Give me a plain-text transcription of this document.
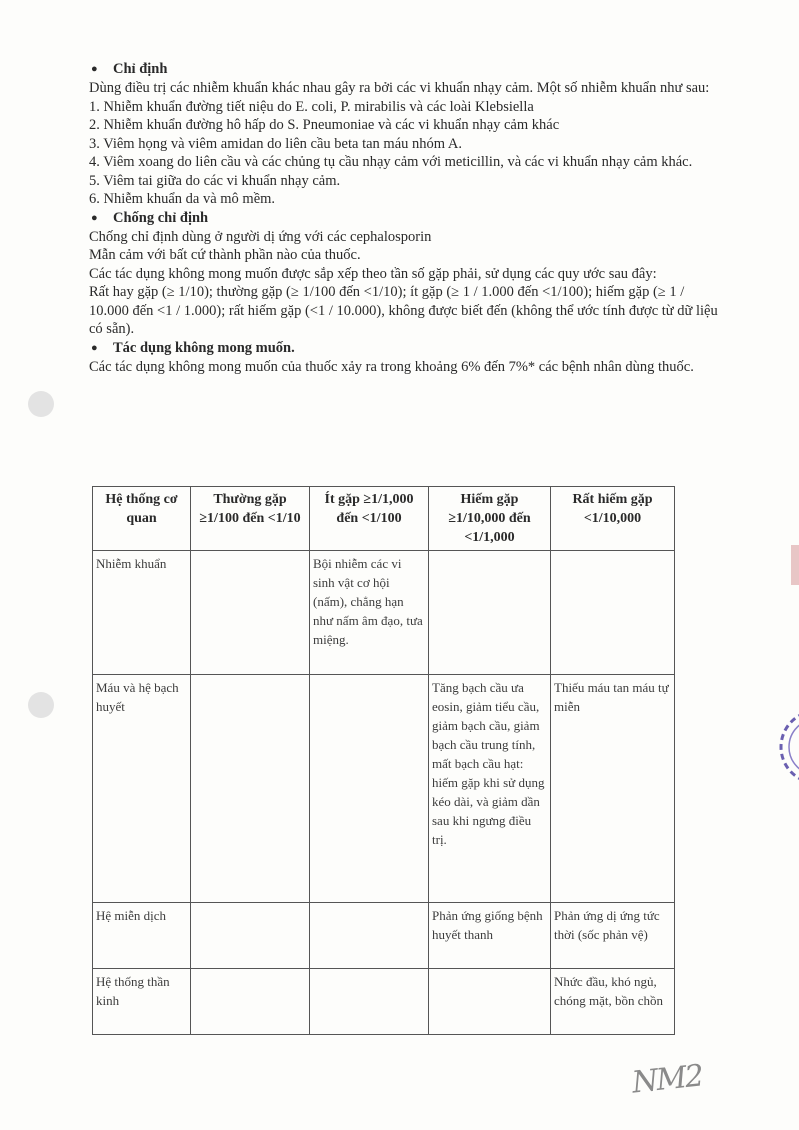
● Chỉ định

Dùng điều trị các nhiễm khuẩn khác nhau gây ra bởi các vi khuẩn nhạy cảm. Một số nhiễm khuẩn như sau:

1. Nhiễm khuẩn đường tiết niệu do E. coli, P. mirabilis và các loài Klebsiella

2. Nhiễm khuẩn đường hô hấp do S. Pneumoniae và các vi khuẩn nhạy cảm khác

3. Viêm họng và viêm amidan do liên cầu beta tan máu nhóm A.

4. Viêm xoang do liên cầu và các chủng tụ cầu nhạy cảm với meticillin, và các vi khuẩn nhạy cảm khác.

5. Viêm tai giữa do các vi khuẩn nhạy cảm.

6. Nhiễm khuẩn da và mô mềm.

● Chống chỉ định

Chống chỉ định dùng ở người dị ứng với các cephalosporin

Mẫn cảm với bất cứ thành phần nào của thuốc.

Các tác dụng không mong muốn được sắp xếp theo tần số gặp phải, sử dụng các quy ước sau đây:

Rất hay gặp (≥ 1/10); thường gặp (≥ 1/100 đến <1/10); ít gặp (≥ 1 / 1.000 đến <1/100); hiếm gặp (≥ 1 / 10.000 đến <1 / 1.000); rất hiếm gặp (<1 / 10.000), không được biết đến (không thể ước tính được từ dữ liệu có sẵn).

● Tác dụng không mong muốn.

Các tác dụng không mong muốn của thuốc xảy ra trong khoảng 6% đến 7%* các bệnh nhân dùng thuốc.

Hệ thống cơ quan	Thường gặp ≥1/100 đến <1/10	Ít gặp ≥1/1,000 đến <1/100	Hiếm gặp ≥1/10,000 đến <1/1,000	Rất hiếm gặp <1/10,000
Nhiễm khuẩn		Bội nhiễm các vi sinh vật cơ hội (nấm), chẳng hạn như nấm âm đạo, tưa miệng.		
Máu và hệ bạch huyết			Tăng bạch cầu ưa eosin, giảm tiểu cầu, giảm bạch cầu, giảm bạch cầu trung tính, mất bạch cầu hạt: hiếm gặp khi sử dụng kéo dài, và giảm dần sau khi ngưng điều trị.	Thiếu máu tan máu tự miễn
Hệ miễn dịch			Phản ứng giống bệnh huyết thanh	Phản ứng dị ứng tức thời (sốc phản vệ)
Hệ thống thần kinh				Nhức đầu, khó ngủ, chóng mặt, bồn chồn
NM2
